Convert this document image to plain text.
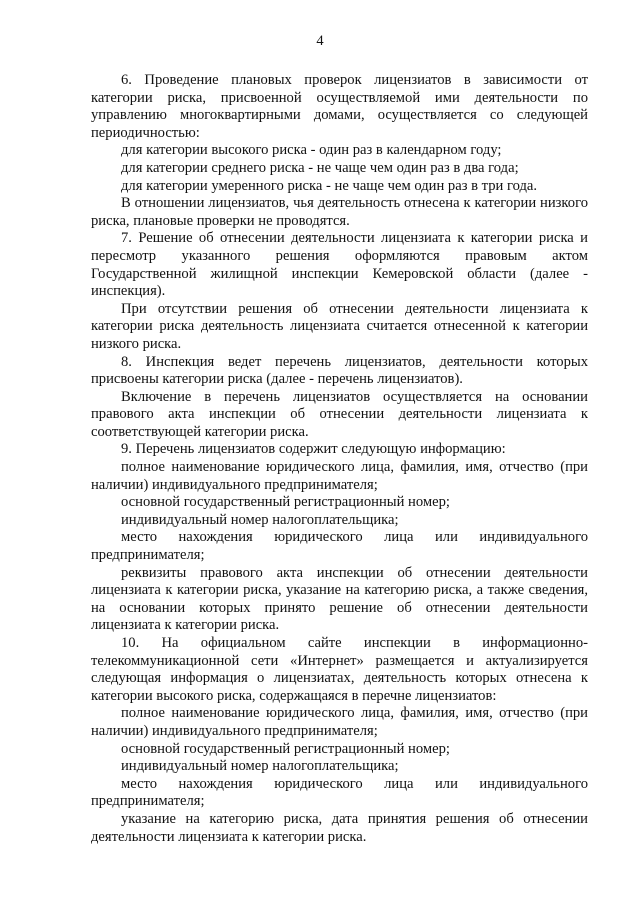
4

6. Проведение плановых проверок лицензиатов в зависимости от категории риска, присвоенной осуществляемой ими деятельности по управлению многоквартирными домами, осуществляется со следующей периодичностью:

для категории высокого риска - один раз в календарном году;

для категории среднего риска - не чаще чем один раз в два года;

для категории умеренного риска - не чаще чем один раз в три года.

В отношении лицензиатов, чья деятельность отнесена к категории низкого риска, плановые проверки не проводятся.

7. Решение об отнесении деятельности лицензиата к категории риска и пересмотр указанного решения оформляются правовым актом Государственной жилищной инспекции Кемеровской области (далее - инспекция).

При отсутствии решения об отнесении деятельности лицензиата к категории риска деятельность лицензиата считается отнесенной к категории низкого риска.

8. Инспекция ведет перечень лицензиатов, деятельности которых присвоены категории риска (далее - перечень лицензиатов).

Включение в перечень лицензиатов осуществляется на основании правового акта инспекции об отнесении деятельности лицензиата к соответствующей категории риска.

9. Перечень лицензиатов содержит следующую информацию:

полное наименование юридического лица, фамилия, имя, отчество (при наличии) индивидуального предпринимателя;

основной государственный регистрационный номер;

индивидуальный номер налогоплательщика;

место нахождения юридического лица или индивидуального предпринимателя;

реквизиты правового акта инспекции об отнесении деятельности лицензиата к категории риска, указание на категорию риска, а также сведения, на основании которых принято решение об отнесении деятельности лицензиата к категории риска.

10. На официальном сайте инспекции в информационно-телекоммуникационной сети «Интернет» размещается и актуализируется следующая информация о лицензиатах, деятельность которых отнесена к категории высокого риска, содержащаяся в перечне лицензиатов:

полное наименование юридического лица, фамилия, имя, отчество (при наличии) индивидуального предпринимателя;

основной государственный регистрационный номер;

индивидуальный номер налогоплательщика;

место нахождения юридического лица или индивидуального предпринимателя;

указание на категорию риска, дата принятия решения об отнесении деятельности лицензиата к категории риска.
